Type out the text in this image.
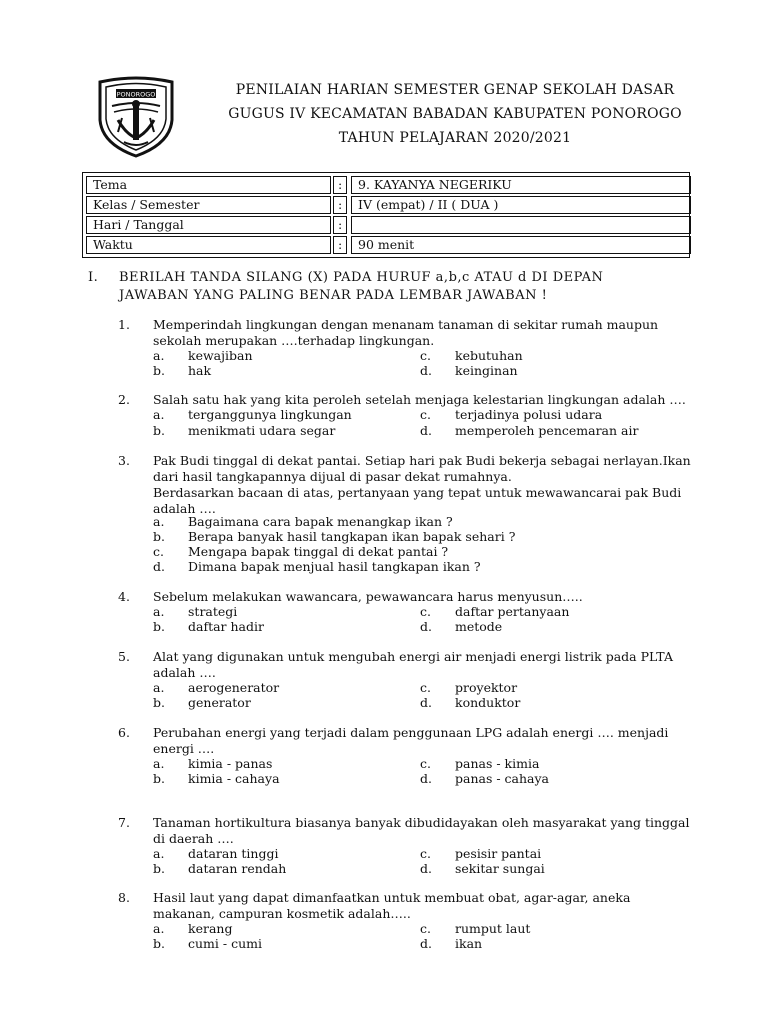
PONOROGO	PENILAIAN HARIAN SEMESTER GENAP SEKOLAH DASAR
GUGUS IV KECAMATAN BABADAN KABUPATEN PONOROGO
TAHUN PELAJARAN 2020/2021
Tema	:	9. KAYANYA NEGERIKU
Kelas / Semester	:	IV (empat) / II ( DUA )
Hari / Tanggal	:
Waktu	:	90 menit
I. BERILAH TANDA SILANG (X) PADA HURUF a,b,c ATAU d DI DEPAN
JAWABAN YANG PALING BENAR PADA LEMBAR JAWABAN !
1. Memperindah lingkungan dengan menanam tanaman di sekitar rumah maupun
sekolah merupakan ….terhadap lingkungan.
a.	kewajiban	c.	kebutuhan
b.	hak	d.	keinginan
2. Salah satu hak yang kita peroleh setelah menjaga kelestarian lingkungan adalah ….
a.	terganggunya lingkungan	c.	terjadinya polusi udara
b.	menikmati udara segar	d.	memperoleh pencemaran air
3. Pak Budi tinggal di dekat pantai. Setiap hari pak Budi bekerja sebagai nerlayan.Ikan
dari hasil tangkapannya dijual di pasar dekat rumahnya.
Berdasarkan bacaan di atas, pertanyaan yang tepat untuk mewawancarai pak Budi
adalah ….
a.	Bagaimana cara bapak menangkap ikan ?
b.	Berapa banyak hasil tangkapan ikan bapak sehari ?
c.	Mengapa bapak tinggal di dekat pantai ?
d.	Dimana bapak menjual hasil tangkapan ikan ?
4. Sebelum melakukan wawancara, pewawancara harus menyusun…..
a.	strategi	c.	daftar pertanyaan
b.	daftar hadir	d.	metode
5. Alat yang digunakan untuk mengubah energi air menjadi energi listrik pada PLTA
adalah ….
a.	aerogenerator	c.	proyektor
b.	generator	d.	konduktor
6. Perubahan energi yang terjadi dalam penggunaan LPG adalah energi …. menjadi
energi ….
a.	kimia - panas	c.	panas - kimia
b.	kimia - cahaya	d.	panas - cahaya
7. Tanaman hortikultura biasanya banyak dibudidayakan oleh masyarakat yang tinggal
di daerah ….
a.	dataran tinggi	c.	pesisir pantai
b.	dataran rendah	d.	sekitar sungai
8. Hasil laut yang dapat dimanfaatkan untuk membuat obat, agar-agar, aneka
makanan, campuran kosmetik adalah…..
a.	kerang	c.	rumput laut
b.	cumi - cumi	d.	ikan
